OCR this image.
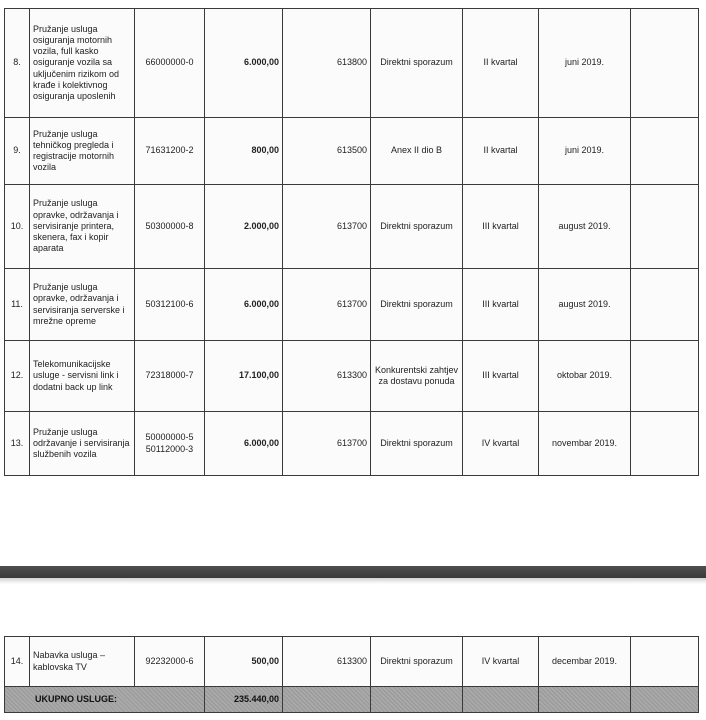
8.	Pružanje usluga osiguranja motornih vozila, full kasko osiguranje vozila sa uključenim rizikom od krađe i kolektivnog osiguranja uposlenih	66000000-0	6.000,00	613800	Direktni sporazum	II kvartal	juni 2019.	
9.	Pružanje usluga tehničkog pregleda i registracije motornih vozila	71631200-2	800,00	613500	Anex II dio B	II kvartal	juni 2019.	
10.	Pružanje usluga opravke, održavanja i servisiranje printera, skenera, fax i kopir aparata	50300000-8	2.000,00	613700	Direktni sporazum	III kvartal	august 2019.	
11.	Pružanje usluga opravke, održavanja i servisiranja serverske i mrežne opreme	50312100-6	6.000,00	613700	Direktni sporazum	III kvartal	august 2019.	
12.	Telekomunikacijske usluge - servisni link i dodatni back up link	72318000-7	17.100,00	613300	Konkurentski zahtjev za dostavu ponuda	III kvartal	oktobar 2019.	
13.	Pružanje usluga održavanje i servisiranja službenih vozila	50000000-5 50112000-3	6.000,00	613700	Direktni sporazum	IV kvartal	novembar 2019.	
14.	Nabavka usluga – kablovska TV	92232000-6	500,00	613300	Direktni sporazum	IV kvartal	decembar 2019.	
UKUPNO USLUGE:			235.440,00					
